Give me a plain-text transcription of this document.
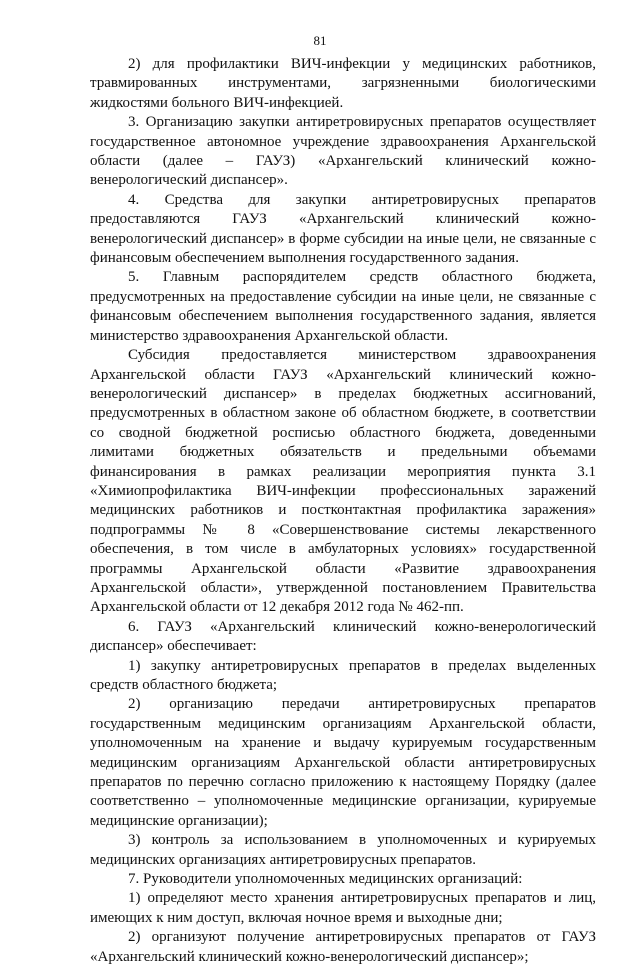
81

2) для профилактики ВИЧ-инфекции у медицинских работников, травмированных инструментами, загрязненными биологическими жидкостями больного ВИЧ-инфекцией.

3. Организацию закупки антиретровирусных препаратов осуществляет государственное автономное учреждение здравоохранения Архангельской области (далее – ГАУЗ) «Архангельский клинический кожно-венерологический диспансер».

4. Средства для закупки антиретровирусных препаратов предоставляются ГАУЗ «Архангельский клинический кожно-венерологический диспансер» в форме субсидии на иные цели, не связанные с финансовым обеспечением выполнения государственного задания.

5. Главным распорядителем средств областного бюджета, предусмотренных на предоставление субсидии на иные цели, не связанные с финансовым обеспечением выполнения государственного задания, является министерство здравоохранения Архангельской области.

Субсидия предоставляется министерством здравоохранения Архангельской области ГАУЗ «Архангельский клинический кожно-венерологический диспансер» в пределах бюджетных ассигнований, предусмотренных в областном законе об областном бюджете, в соответствии со сводной бюджетной росписью областного бюджета, доведенными лимитами бюджетных обязательств и предельными объемами финансирования в рамках реализации мероприятия пункта 3.1 «Химиопрофилактика ВИЧ-инфекции профессиональных заражений медицинских работников и постконтактная профилактика заражения» подпрограммы № 8 «Совершенствование системы лекарственного обеспечения, в том числе в амбулаторных условиях» государственной программы Архангельской области «Развитие здравоохранения Архангельской области», утвержденной постановлением Правительства Архангельской области от 12 декабря 2012 года № 462-пп.

6. ГАУЗ «Архангельский клинический кожно-венерологический диспансер» обеспечивает:

1) закупку антиретровирусных препаратов в пределах выделенных средств областного бюджета;

2) организацию передачи антиретровирусных препаратов государственным медицинским организациям Архангельской области, уполномоченным на хранение и выдачу курируемым государственным медицинским организациям Архангельской области антиретровирусных препаратов по перечню согласно приложению к настоящему Порядку (далее соответственно – уполномоченные медицинские организации, курируемые медицинские организации);

3) контроль за использованием в уполномоченных и курируемых медицинских организациях антиретровирусных препаратов.

7. Руководители уполномоченных медицинских организаций:

1) определяют место хранения антиретровирусных препаратов и лиц, имеющих к ним доступ, включая ночное время и выходные дни;

2) организуют получение антиретровирусных препаратов от ГАУЗ «Архангельский клинический кожно-венерологический диспансер»;
